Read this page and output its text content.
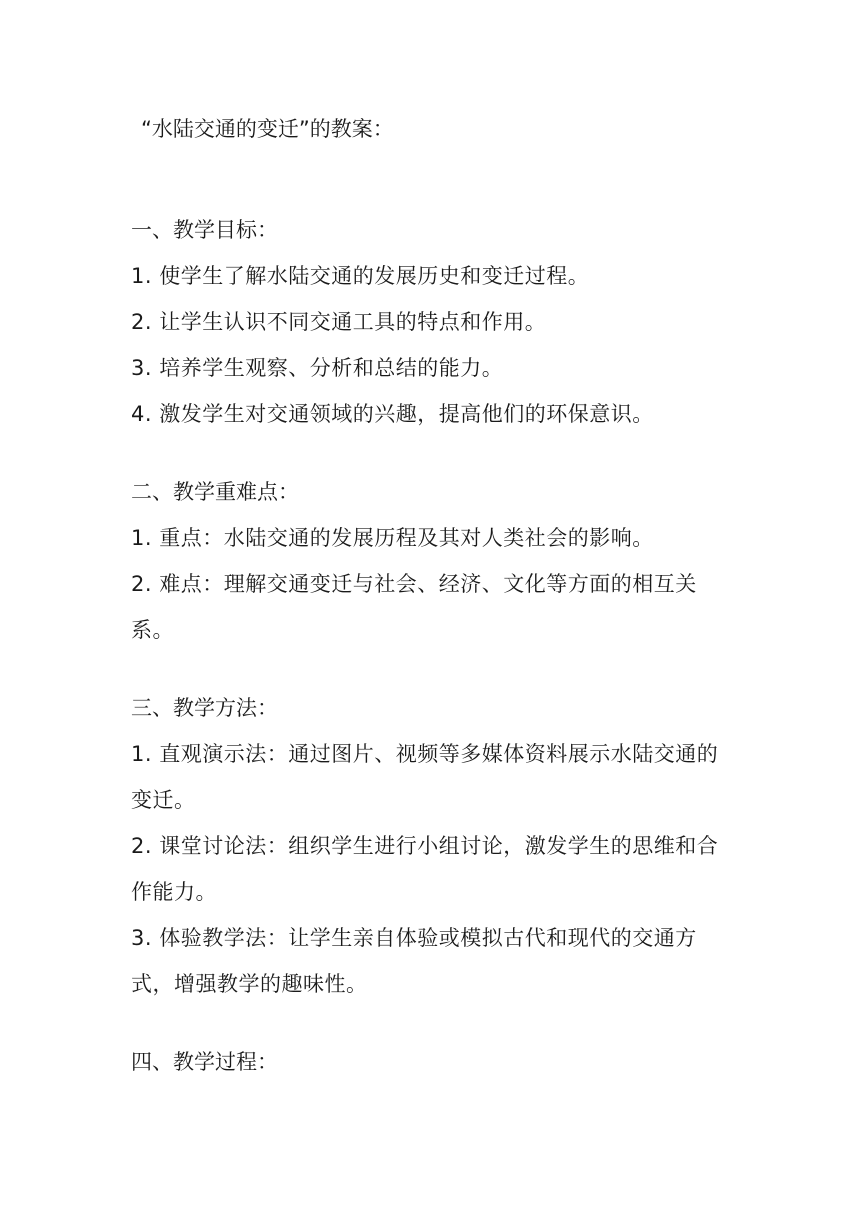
“水陆交通的变迁”的教案：

一、教学目标：

1. 使学生了解水陆交通的发展历史和变迁过程。

2. 让学生认识不同交通工具的特点和作用。

3. 培养学生观察、分析和总结的能力。

4. 激发学生对交通领域的兴趣，提高他们的环保意识。

二、教学重难点：

1. 重点：水陆交通的发展历程及其对人类社会的影响。

2. 难点：理解交通变迁与社会、经济、文化等方面的相互关系。

三、教学方法：

1. 直观演示法：通过图片、视频等多媒体资料展示水陆交通的变迁。

2. 课堂讨论法：组织学生进行小组讨论，激发学生的思维和合作能力。

3. 体验教学法：让学生亲自体验或模拟古代和现代的交通方式，增强教学的趣味性。

四、教学过程：
